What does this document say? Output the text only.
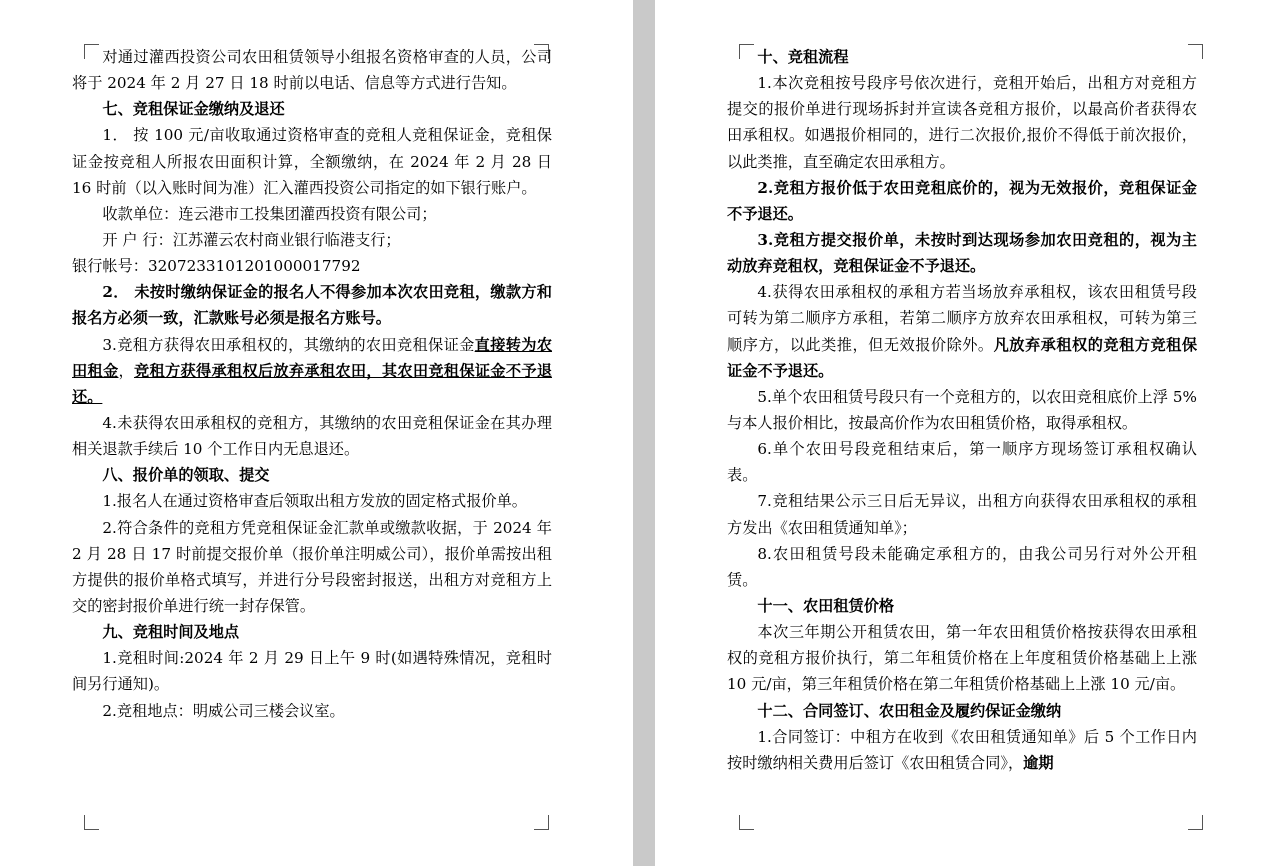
对通过灌西投资公司农田租赁领导小组报名资格审查的人员，公司将于 2024 年 2 月 27 日 18 时前以电话、信息等方式进行告知。

七、竞租保证金缴纳及退还

1． 按 100 元/亩收取通过资格审查的竞租人竞租保证金，竞租保证金按竞租人所报农田面积计算，全额缴纳，在 2024 年 2 月 28 日 16 时前（以入账时间为准）汇入灌西投资公司指定的如下银行账户。

收款单位：连云港市工投集团灌西投资有限公司；

开 户 行：江苏灌云农村商业银行临港支行；

银行帐号：3207233101201000017792

2． 未按时缴纳保证金的报名人不得参加本次农田竞租，缴款方和报名方必须一致，汇款账号必须是报名方账号。

3.竞租方获得农田承租权的，其缴纳的农田竞租保证金直接转为农田租金，竞租方获得承租权后放弃承租农田，其农田竞租保证金不予退还。

4.未获得农田承租权的竞租方，其缴纳的农田竞租保证金在其办理相关退款手续后 10 个工作日内无息退还。

八、报价单的领取、提交

1.报名人在通过资格审查后领取出租方发放的固定格式报价单。

2.符合条件的竞租方凭竞租保证金汇款单或缴款收据，于 2024 年 2 月 28 日 17 时前提交报价单（报价单注明威公司），报价单需按出租方提供的报价单格式填写，并进行分号段密封报送，出租方对竞租方上交的密封报价单进行统一封存保管。

九、竞租时间及地点

1.竞租时间:2024 年 2 月 29 日上午 9 时(如遇特殊情况，竞租时间另行通知)。

2.竞租地点：明威公司三楼会议室。

十、竞租流程

1.本次竞租按号段序号依次进行，竞租开始后，出租方对竞租方提交的报价单进行现场拆封并宣读各竞租方报价，以最高价者获得农田承租权。如遇报价相同的，进行二次报价,报价不得低于前次报价，以此类推，直至确定农田承租方。

2.竞租方报价低于农田竞租底价的，视为无效报价，竞租保证金不予退还。

3.竞租方提交报价单，未按时到达现场参加农田竞租的，视为主动放弃竞租权，竞租保证金不予退还。

4.获得农田承租权的承租方若当场放弃承租权，该农田租赁号段可转为第二顺序方承租，若第二顺序方放弃农田承租权，可转为第三顺序方，以此类推，但无效报价除外。凡放弃承租权的竞租方竞租保证金不予退还。

5.单个农田租赁号段只有一个竞租方的，以农田竞租底价上浮 5%与本人报价相比，按最高价作为农田租赁价格，取得承租权。

6.单个农田号段竞租结束后，第一顺序方现场签订承租权确认表。

7.竞租结果公示三日后无异议，出租方向获得农田承租权的承租方发出《农田租赁通知单》；

8.农田租赁号段未能确定承租方的，由我公司另行对外公开租赁。

十一、农田租赁价格

本次三年期公开租赁农田，第一年农田租赁价格按获得农田承租权的竞租方报价执行，第二年租赁价格在上年度租赁价格基础上上涨 10 元/亩，第三年租赁价格在第二年租赁价格基础上上涨 10 元/亩。

十二、合同签订、农田租金及履约保证金缴纳

1.合同签订：中租方在收到《农田租赁通知单》后 5 个工作日内按时缴纳相关费用后签订《农田租赁合同》，逾期
